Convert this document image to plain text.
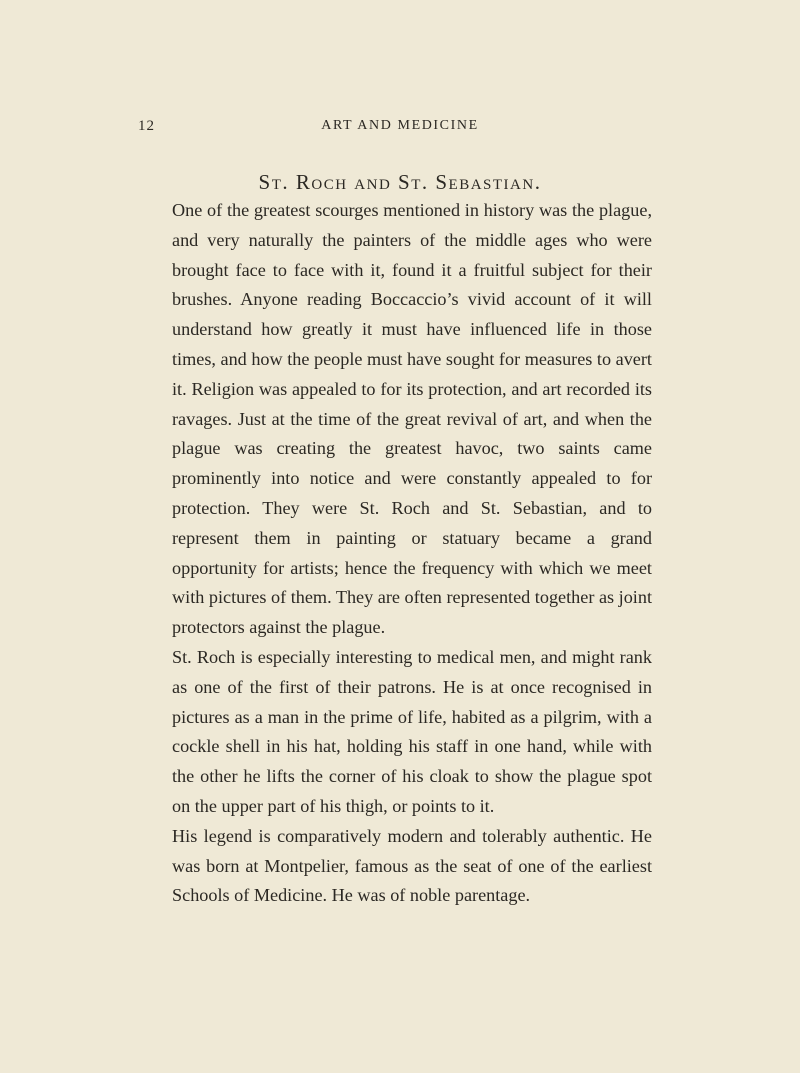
12	ART AND MEDICINE
St. Roch and St. Sebastian.

One of the greatest scourges mentioned in history was the plague, and very naturally the painters of the middle ages who were brought face to face with it, found it a fruitful subject for their brushes. Anyone reading Boccaccio’s vivid account of it will understand how greatly it must have influenced life in those times, and how the people must have sought for measures to avert it. Religion was appealed to for its protection, and art recorded its ravages. Just at the time of the great revival of art, and when the plague was creating the greatest havoc, two saints came prominently into notice and were constantly appealed to for protection. They were St. Roch and St. Sebastian, and to represent them in painting or statuary became a grand opportunity for artists; hence the frequency with which we meet with pictures of them. They are often represented together as joint protectors against the plague.

St. Roch is especially interesting to medical men, and might rank as one of the first of their patrons. He is at once recognised in pictures as a man in the prime of life, habited as a pilgrim, with a cockle shell in his hat, holding his staff in one hand, while with the other he lifts the corner of his cloak to show the plague spot on the upper part of his thigh, or points to it.

His legend is comparatively modern and tolerably authentic. He was born at Montpelier, famous as the seat of one of the earliest Schools of Medicine. He was of noble parentage.
